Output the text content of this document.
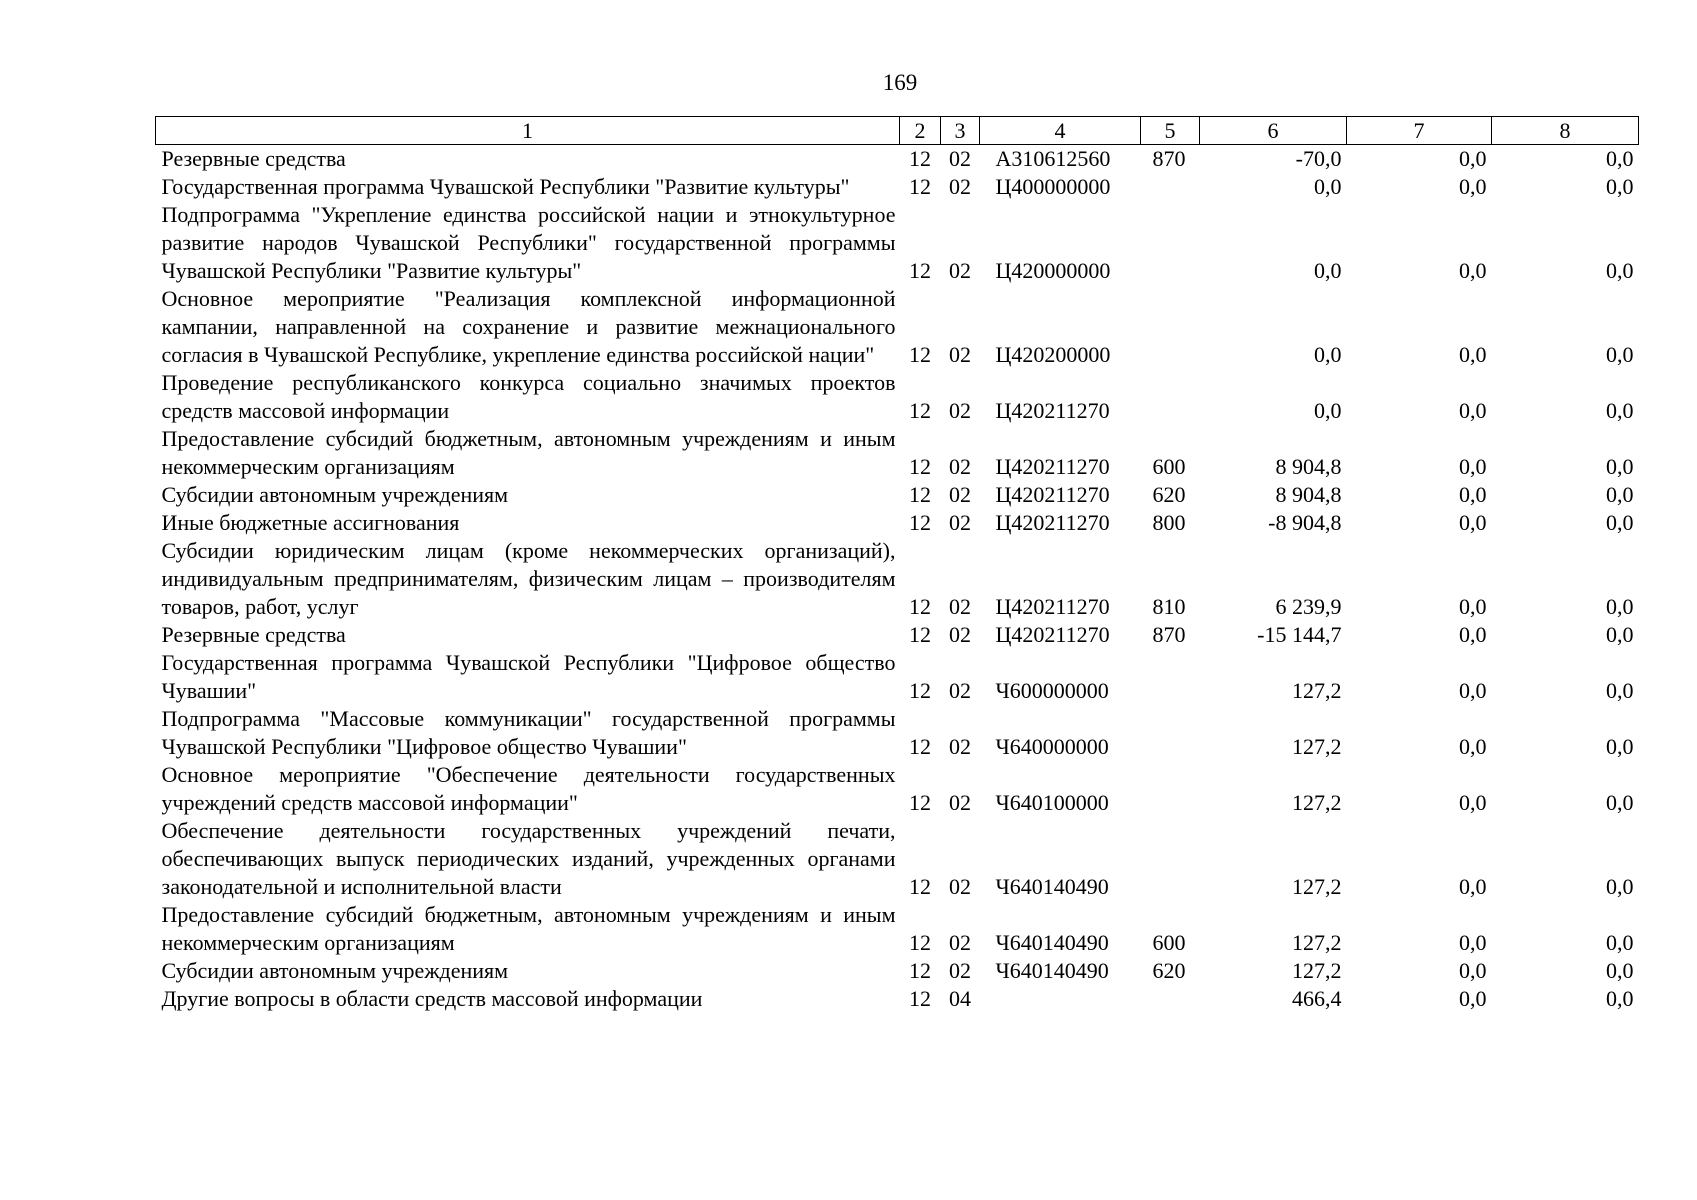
169
1	2	3	4	5	6	7	8
Резервные средства	12	02	А310612560	870	-70,0	0,0	0,0
Государственная программа Чувашской Республики "Развитие культуры"	12	02	Ц400000000		0,0	0,0	0,0
Подпрограмма "Укрепление единства российской нации и этнокультурное развитие народов Чувашской Республики" государственной программы Чувашской Республики "Развитие культуры"	12	02	Ц420000000		0,0	0,0	0,0
Основное мероприятие "Реализация комплексной информационной кампании, направленной на сохранение и развитие межнационального согласия в Чувашской Республике, укрепление единства российской нации"	12	02	Ц420200000		0,0	0,0	0,0
Проведение республиканского конкурса социально значимых проектов средств массовой информации	12	02	Ц420211270		0,0	0,0	0,0
Предоставление субсидий бюджетным, автономным учреждениям и иным некоммерческим организациям	12	02	Ц420211270	600	8 904,8	0,0	0,0
Субсидии автономным учреждениям	12	02	Ц420211270	620	8 904,8	0,0	0,0
Иные бюджетные ассигнования	12	02	Ц420211270	800	-8 904,8	0,0	0,0
Субсидии юридическим лицам (кроме некоммерческих организаций), индивидуальным предпринимателям, физическим лицам – производителям товаров, работ, услуг	12	02	Ц420211270	810	6 239,9	0,0	0,0
Резервные средства	12	02	Ц420211270	870	-15 144,7	0,0	0,0
Государственная программа Чувашской Республики "Цифровое общество Чувашии"	12	02	Ч600000000		127,2	0,0	0,0
Подпрограмма "Массовые коммуникации" государственной программы Чувашской Республики "Цифровое общество Чувашии"	12	02	Ч640000000		127,2	0,0	0,0
Основное мероприятие "Обеспечение деятельности государственных учреждений средств массовой информации"	12	02	Ч640100000		127,2	0,0	0,0
Обеспечение деятельности государственных учреждений печати, обеспечивающих выпуск периодических изданий, учрежденных органами законодательной и исполнительной власти	12	02	Ч640140490		127,2	0,0	0,0
Предоставление субсидий бюджетным, автономным учреждениям и иным некоммерческим организациям	12	02	Ч640140490	600	127,2	0,0	0,0
Субсидии автономным учреждениям	12	02	Ч640140490	620	127,2	0,0	0,0
Другие вопросы в области средств массовой информации	12	04			466,4	0,0	0,0
